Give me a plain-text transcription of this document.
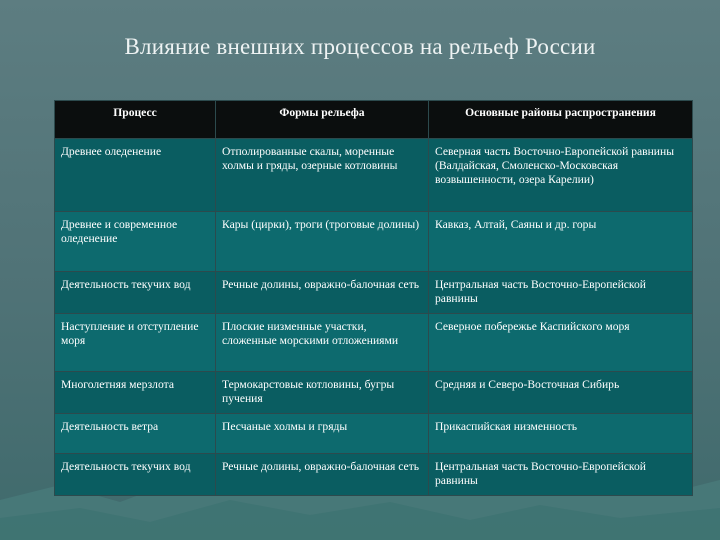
Влияние внешних процессов на рельеф России
Процесс	Формы рельефа	Основные районы распространения
Древнее оледенение	Отполированные скалы, моренные холмы и гряды, озерные котловины	Северная часть Восточно-Европейской равнины (Валдайская, Смоленско-Московская возвышенности, озера Карелии)
Древнее и современное оледенение	Кары (цирки), троги (троговые долины)	Кавказ, Алтай, Саяны и др. горы
Деятельность текучих вод	Речные долины, овражно-балочная сеть	Центральная часть Восточно-Европейской равнины
Наступление и отступление моря	Плоские низменные участки, сложенные морскими отложениями	Северное побережье Каспийского моря
Многолетняя мерзлота	Термокарстовые котловины, бугры пучения	Средняя и Северо-Восточная Сибирь
Деятельность ветра	Песчаные холмы и гряды	Прикаспийская низменность
Деятельность текучих вод	Речные долины, овражно-балочная сеть	Центральная часть Восточно-Европейской равнины
